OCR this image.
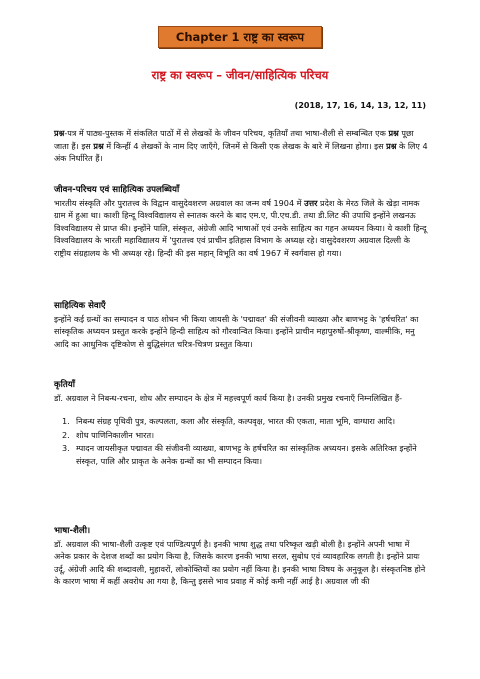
Chapter 1 राष्ट्र का स्वरूप
राष्ट्र का स्वरूप – जीवन/साहित्यिक परिचय
(2018, 17, 16, 14, 13, 12, 11)

प्रश्न-पत्र में पाठ्य-पुस्तक में संकलित पाठों में से लेखकों के जीवन परिचय, कृतियाँ तथा भाषा-शैली से सम्बन्धित एक प्रश्न पूछा जाता हैं। इस प्रश्न में किन्हीं 4 लेखकों के नाम दिए जाएँगे, जिनमें से किसी एक लेखक के बारे में लिखना होगा। इस प्रश्न के लिए 4 अंक निर्धारित हैं।

जीवन-परिचय एवं साहित्यिक उपलब्धियाँ

भारतीय संस्कृति और पुरातत्त्व के विद्वान वासुदेवशरण अग्रवाल का जन्म वर्ष 1904 में उत्तर प्रदेश के मेरठ जिले के खेड़ा नामक ग्राम में हुआ था। काशी हिन्दू विश्वविद्यालय से स्नातक करने के बाद एम.ए, पी.एच.डी. तथा डी.लिट की उपाधि इन्होंने लखनऊ विश्वविद्यालय से प्राप्त की। इन्होंने पालि, संस्कृत, अंग्रेजी आदि भाषाओं एवं उनके साहित्य का गहन अध्ययन किया। ये काशी हिन्दू विश्वविद्यालय के भारती महाविद्यालय में 'पुरातत्त्व एवं प्राचीन इतिहास विभाग के अध्यक्ष रहे। वासुदेवशरण अग्रवाल दिल्ली के राष्ट्रीय संग्रहालय के भी अध्यक्ष रहे। हिन्दी की इस महान् विभूति का वर्ष 1967 में स्वर्गवास हो गया।

साहित्यिक सेवाएँ

इन्होंने कई ग्रन्थों का सम्पादन व पाठ शोधन भी किया जायसी के 'पद्मावत' की संजीवनी व्याख्या और बाणभट्ट के 'हर्षचरित' का सांस्कृतिक अध्ययन प्रस्तुत करके इन्होंने हिन्दी साहित्य को गौरवान्वित किया। इन्होंने प्राचीन महापुरुषों-श्रीकृष्ण, वाल्मीकि, मनु आदि का आधुनिक दृष्टिकोण से बुद्धिसंगत चरित्र-चित्रण प्रस्तुत किया।

कृतियाँ

डॉ. अग्रवाल ने निबन्ध-रचना, शोध और सम्पादन के क्षेत्र में महत्त्वपूर्ण कार्य किया है। उनकी प्रमुख रचनाएँ निम्नलिखित हैं-

1. निबन्ध संग्रह पृथिवी पुत्र, कल्पलता, कला और संस्कृति, कल्पवृक्ष, भारत की एकता, माता भूमि, वाग्धारा आदि।
2. शोध पाणिनिकालीन भारत।
3. म्पादन जायसीकृत पद्मावत की संजीवनी व्याख्या, बाणभट्ट के हर्षचरित का सांस्कृतिक अध्ययन। इसके अतिरिक्त इन्होंने संस्कृत, पालि और प्राकृत के अनेक ग्रन्थों का भी सम्पादन किया।
भाषा-शैली।

डॉ. अग्रवाल की भाषा-शैली उत्कृष्ट एवं पाण्डित्यपूर्ण है। इनकी भाषा शुद्ध तथा परिष्कृत खड़ी बोली है। इन्होंने अपनी भाषा में अनेक प्रकार के देशज शब्दों का प्रयोग किया है, जिसके कारण इनकी भाषा सरल, सुबोध एवं व्यावहारिक लगती है। इन्होंने प्रायः उर्दू, अंग्रेजी आदि की शब्दावली, मुहावरों, लोकोक्तियों का प्रयोग नहीं किया है। इनकी भाषा विषय के अनुकूल है। संस्कृतनिष्ठ होने के कारण भाषा में कहीं अवरोध आ गया है, किन्तु इससे भाव प्रवाह में कोई कमी नहीं आई है। अग्रवाल जी की
